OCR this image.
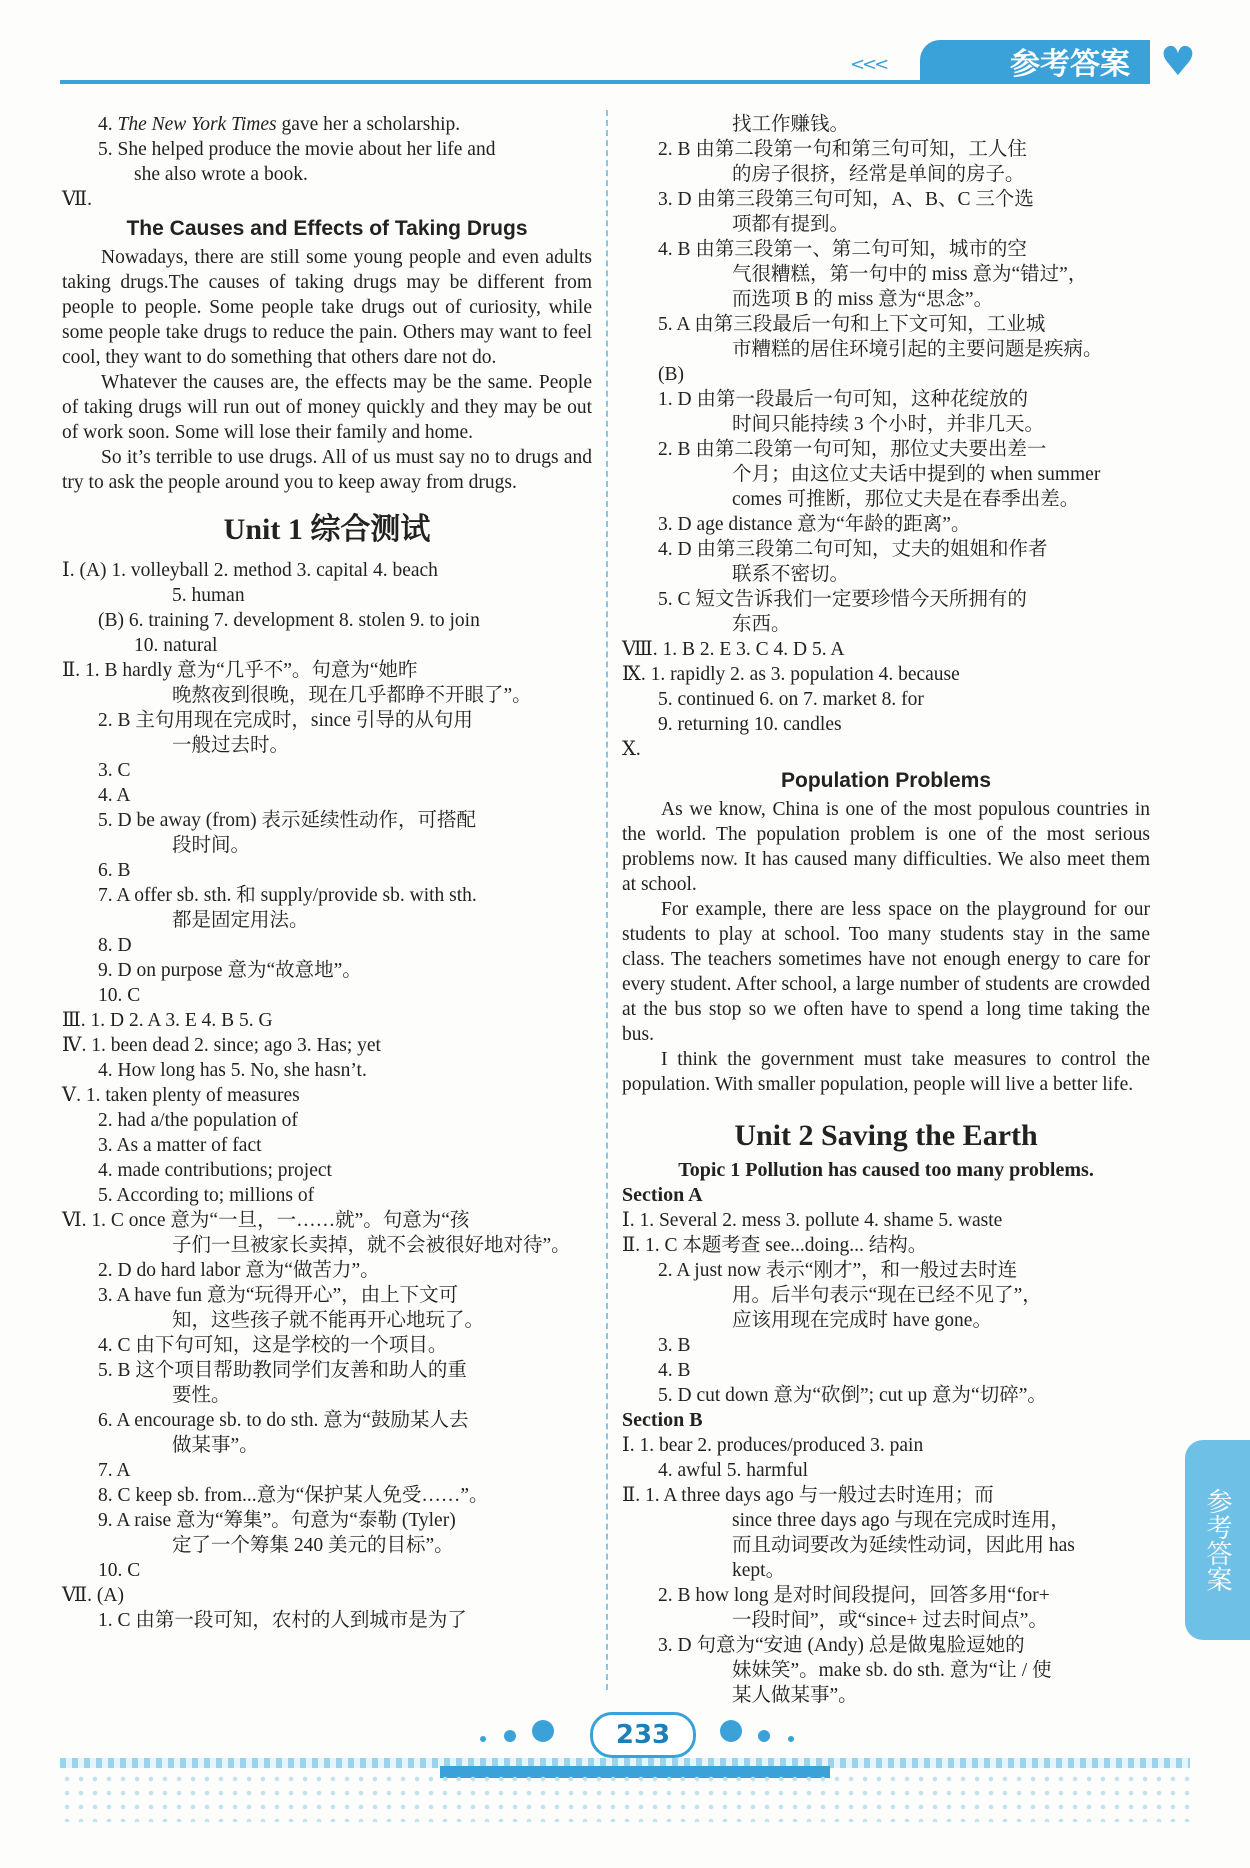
<<<	参考答案 ♥
4. The New York Times gave her a scholarship.
5. She helped produce the movie about her life and
she also wrote a book.
Ⅶ.
The Causes and Effects of Taking Drugs
Nowadays, there are still some young people and even adults taking drugs.The causes of taking drugs may be different from people to people. Some people take drugs out of curiosity, while some people take drugs to reduce the pain. Others may want to feel cool, they want to do something that others dare not do.
Whatever the causes are, the effects may be the same. People of taking drugs will run out of money quickly and they may be out of work soon. Some will lose their family and home.
So it’s terrible to use drugs. All of us must say no to drugs and try to ask the people around you to keep away from drugs.
Unit 1 综合测试
Ⅰ. (A) 1. volleyball 2. method 3. capital 4. beach
5. human
(B) 6. training 7. development 8. stolen 9. to join
10. natural
Ⅱ. 1. B hardly 意为“几乎不”。句意为“她昨
晚熬夜到很晚，现在几乎都睁不开眼了”。
2. B 主句用现在完成时，since 引导的从句用
一般过去时。
3. C
4. A
5. D be away (from) 表示延续性动作，可搭配
段时间。
6. B
7. A offer sb. sth. 和 supply/provide sb. with sth.
都是固定用法。
8. D
9. D on purpose 意为“故意地”。
10. C
Ⅲ. 1. D 2. A 3. E 4. B 5. G
Ⅳ. 1. been dead 2. since; ago 3. Has; yet
4. How long has 5. No, she hasn’t.
Ⅴ. 1. taken plenty of measures
2. had a/the population of
3. As a matter of fact
4. made contributions; project
5. According to; millions of
Ⅵ. 1. C once 意为“一旦，一……就”。句意为“孩
子们一旦被家长卖掉，就不会被很好地对待”。
2. D do hard labor 意为“做苦力”。
3. A have fun 意为“玩得开心”，由上下文可
知，这些孩子就不能再开心地玩了。
4. C 由下句可知，这是学校的一个项目。
5. B 这个项目帮助教同学们友善和助人的重
要性。
6. A encourage sb. to do sth. 意为“鼓励某人去
做某事”。
7. A
8. C keep sb. from...意为“保护某人免受……”。
9. A raise 意为“筹集”。句意为“泰勒 (Tyler)
定了一个筹集 240 美元的目标”。
10. C
Ⅶ. (A)
1. C 由第一段可知，农村的人到城市是为了
找工作赚钱。
2. B 由第二段第一句和第三句可知，工人住
的房子很挤，经常是单间的房子。
3. D 由第三段第三句可知，A、B、C 三个选
项都有提到。
4. B 由第三段第一、第二句可知，城市的空
气很糟糕，第一句中的 miss 意为“错过”，
而选项 B 的 miss 意为“思念”。
5. A 由第三段最后一句和上下文可知，工业城
市糟糕的居住环境引起的主要问题是疾病。
(B)
1. D 由第一段最后一句可知，这种花绽放的
时间只能持续 3 个小时，并非几天。
2. B 由第二段第一句可知，那位丈夫要出差一
个月；由这位丈夫话中提到的 when summer
comes 可推断，那位丈夫是在春季出差。
3. D age distance 意为“年龄的距离”。
4. D 由第三段第二句可知，丈夫的姐姐和作者
联系不密切。
5. C 短文告诉我们一定要珍惜今天所拥有的
东西。
Ⅷ. 1. B 2. E 3. C 4. D 5. A
Ⅸ. 1. rapidly 2. as 3. population 4. because
5. continued 6. on 7. market 8. for
9. returning 10. candles
Ⅹ.
Population Problems
As we know, China is one of the most populous countries in the world. The population problem is one of the most serious problems now. It has caused many difficulties. We also meet them at school.
For example, there are less space on the playground for our students to play at school. Too many students stay in the same class. The teachers sometimes have not enough energy to care for every student. After school, a large number of students are crowded at the bus stop so we often have to spend a long time taking the bus.
I think the government must take measures to control the population. With smaller population, people will live a better life.
Unit 2 Saving the Earth
Topic 1 Pollution has caused too many problems.
Section A
Ⅰ. 1. Several 2. mess 3. pollute 4. shame 5. waste
Ⅱ. 1. C 本题考查 see...doing... 结构。
2. A just now 表示“刚才”，和一般过去时连
用。后半句表示“现在已经不见了”，
应该用现在完成时 have gone。
3. B
4. B
5. D cut down 意为“砍倒”; cut up 意为“切碎”。
Section B
Ⅰ. 1. bear 2. produces/produced 3. pain
4. awful 5. harmful
Ⅱ. 1. A three days ago 与一般过去时连用；而
since three days ago 与现在完成时连用，
而且动词要改为延续性动词，因此用 has
kept。
2. B how long 是对时间段提问，回答多用“for+
一段时间”，或“since+ 过去时间点”。
3. D 句意为“安迪 (Andy) 总是做鬼脸逗她的
妹妹笑”。make sb. do sth. 意为“让 / 使
某人做某事”。
参考答案

233
